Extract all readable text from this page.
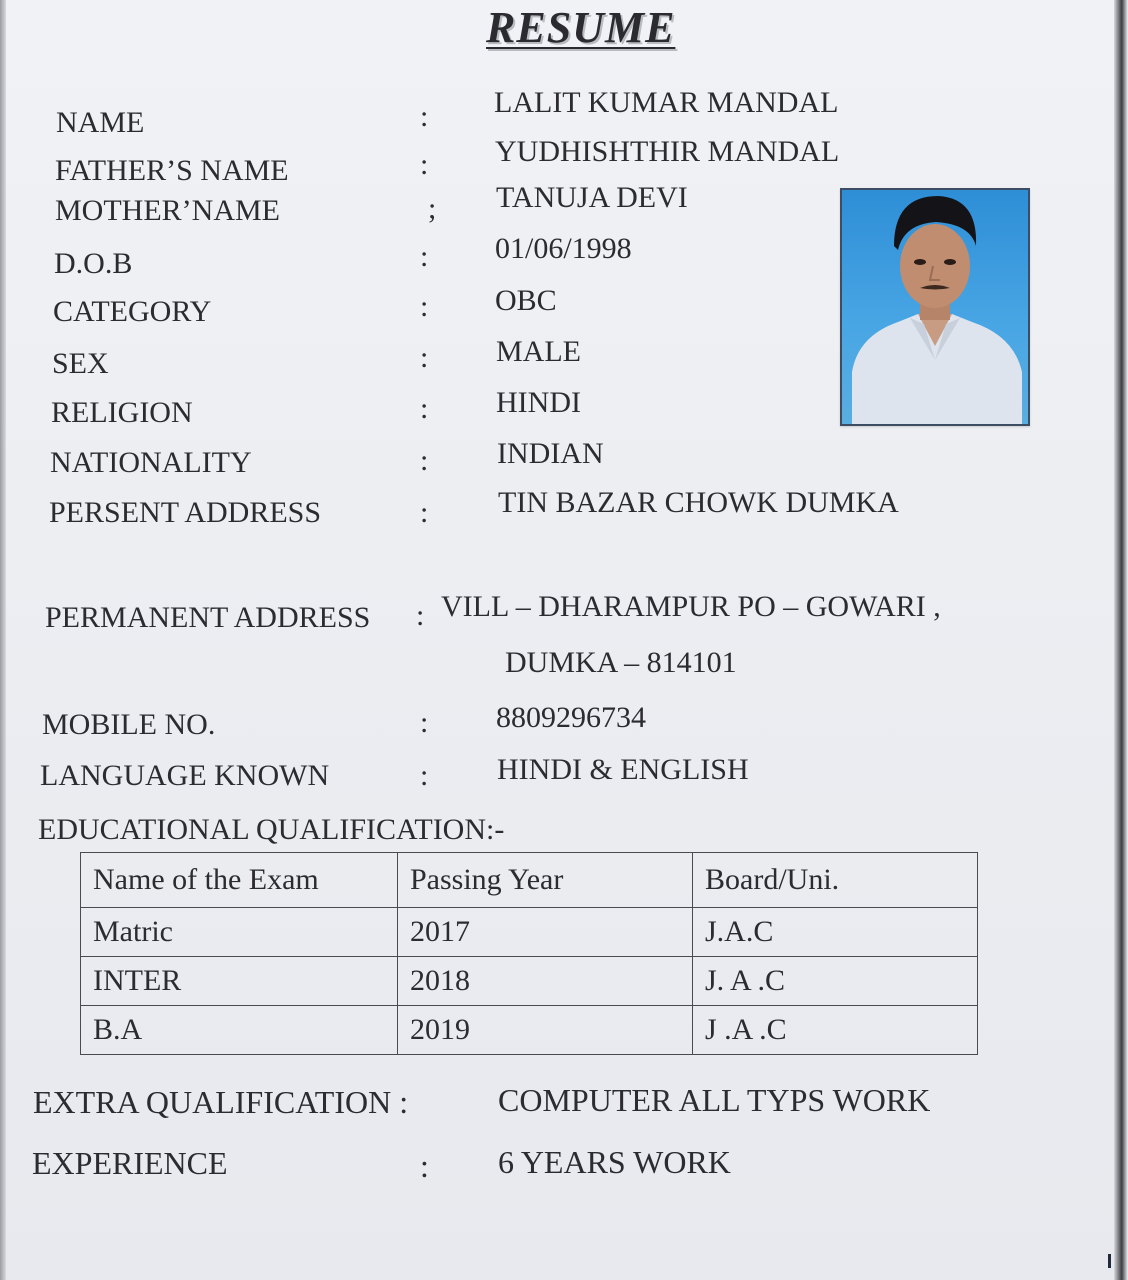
RESUME
NAME	: LALIT KUMAR MANDAL
FATHER’S NAME	: YUDHISHTHIR MANDAL
MOTHER’NAME	; TANUJA DEVI
D.O.B	: 01/06/1998
CATEGORY	: OBC
SEX	: MALE
RELIGION	: HINDI
NATIONALITY	: INDIAN
PERSENT ADDRESS	: TIN BAZAR CHOWK DUMKA
PERMANENT ADDRESS : VILL – DHARAMPUR PO – GOWARI ,
DUMKA – 814101
MOBILE NO.	: 8809296734
LANGUAGE KNOWN	: HINDI & ENGLISH
EDUCATIONAL QUALIFICATION:-
Name of the Exam	Passing Year	Board/Uni.
Matric	2017	J.A.C
INTER	2018	J. A .C
B.A	2019	J .A .C
EXTRA QUALIFICATION :	COMPUTER ALL TYPS WORK
EXPERIENCE	: 6 YEARS WORK
